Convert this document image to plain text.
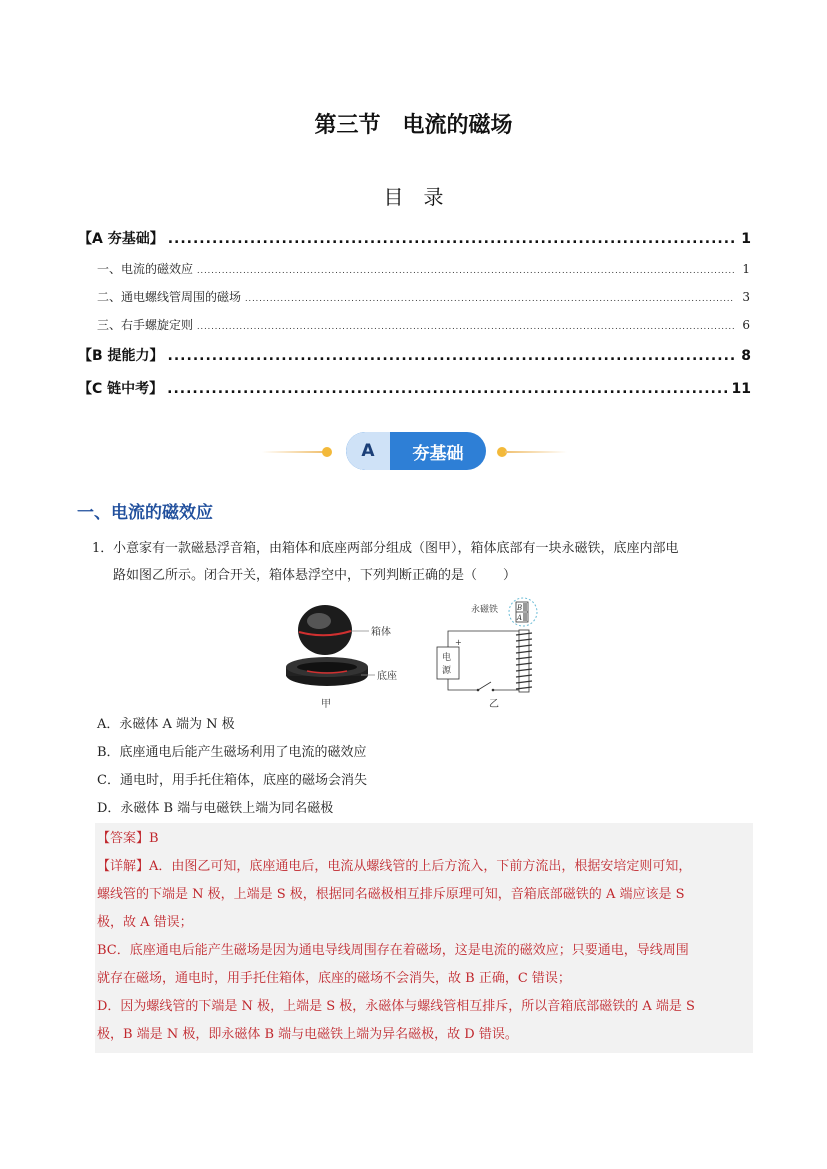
第三节　电流的磁场
目录
【A 夯基础】 .....	1
一、电流的磁效应 .....	1
二、通电螺线管周围的磁场 .....	3
三、右手螺旋定则 .....	6
【B 提能力】 .....	8
【C 链中考】 .....	11
A	夯基础
一、电流的磁效应
1． 小意家有一款磁悬浮音箱，由箱体和底座两部分组成（图甲），箱体底部有一块永磁铁，底座内部电
路如图乙所示。闭合开关，箱体悬浮空中，下列判断正确的是（　　）
箱体
底座
甲
永磁铁	B
A
电
源
+
乙
A．永磁体 A 端为 N 极
B．底座通电后能产生磁场利用了电流的磁效应
C．通电时，用手托住箱体，底座的磁场会消失
D．永磁体 B 端与电磁铁上端为同名磁极
【答案】B
【详解】A．由图乙可知，底座通电后，电流从螺线管的上后方流入，下前方流出，根据安培定则可知，
螺线管的下端是 N 极，上端是 S 极，根据同名磁极相互排斥原理可知，音箱底部磁铁的 A 端应该是 S
极，故 A 错误；
BC．底座通电后能产生磁场是因为通电导线周围存在着磁场，这是电流的磁效应；只要通电，导线周围
就存在磁场，通电时，用手托住箱体，底座的磁场不会消失，故 B 正确，C 错误；
D．因为螺线管的下端是 N 极，上端是 S 极，永磁体与螺线管相互排斥，所以音箱底部磁铁的 A 端是 S
极，B 端是 N 极，即永磁体 B 端与电磁铁上端为异名磁极，故 D 错误。
